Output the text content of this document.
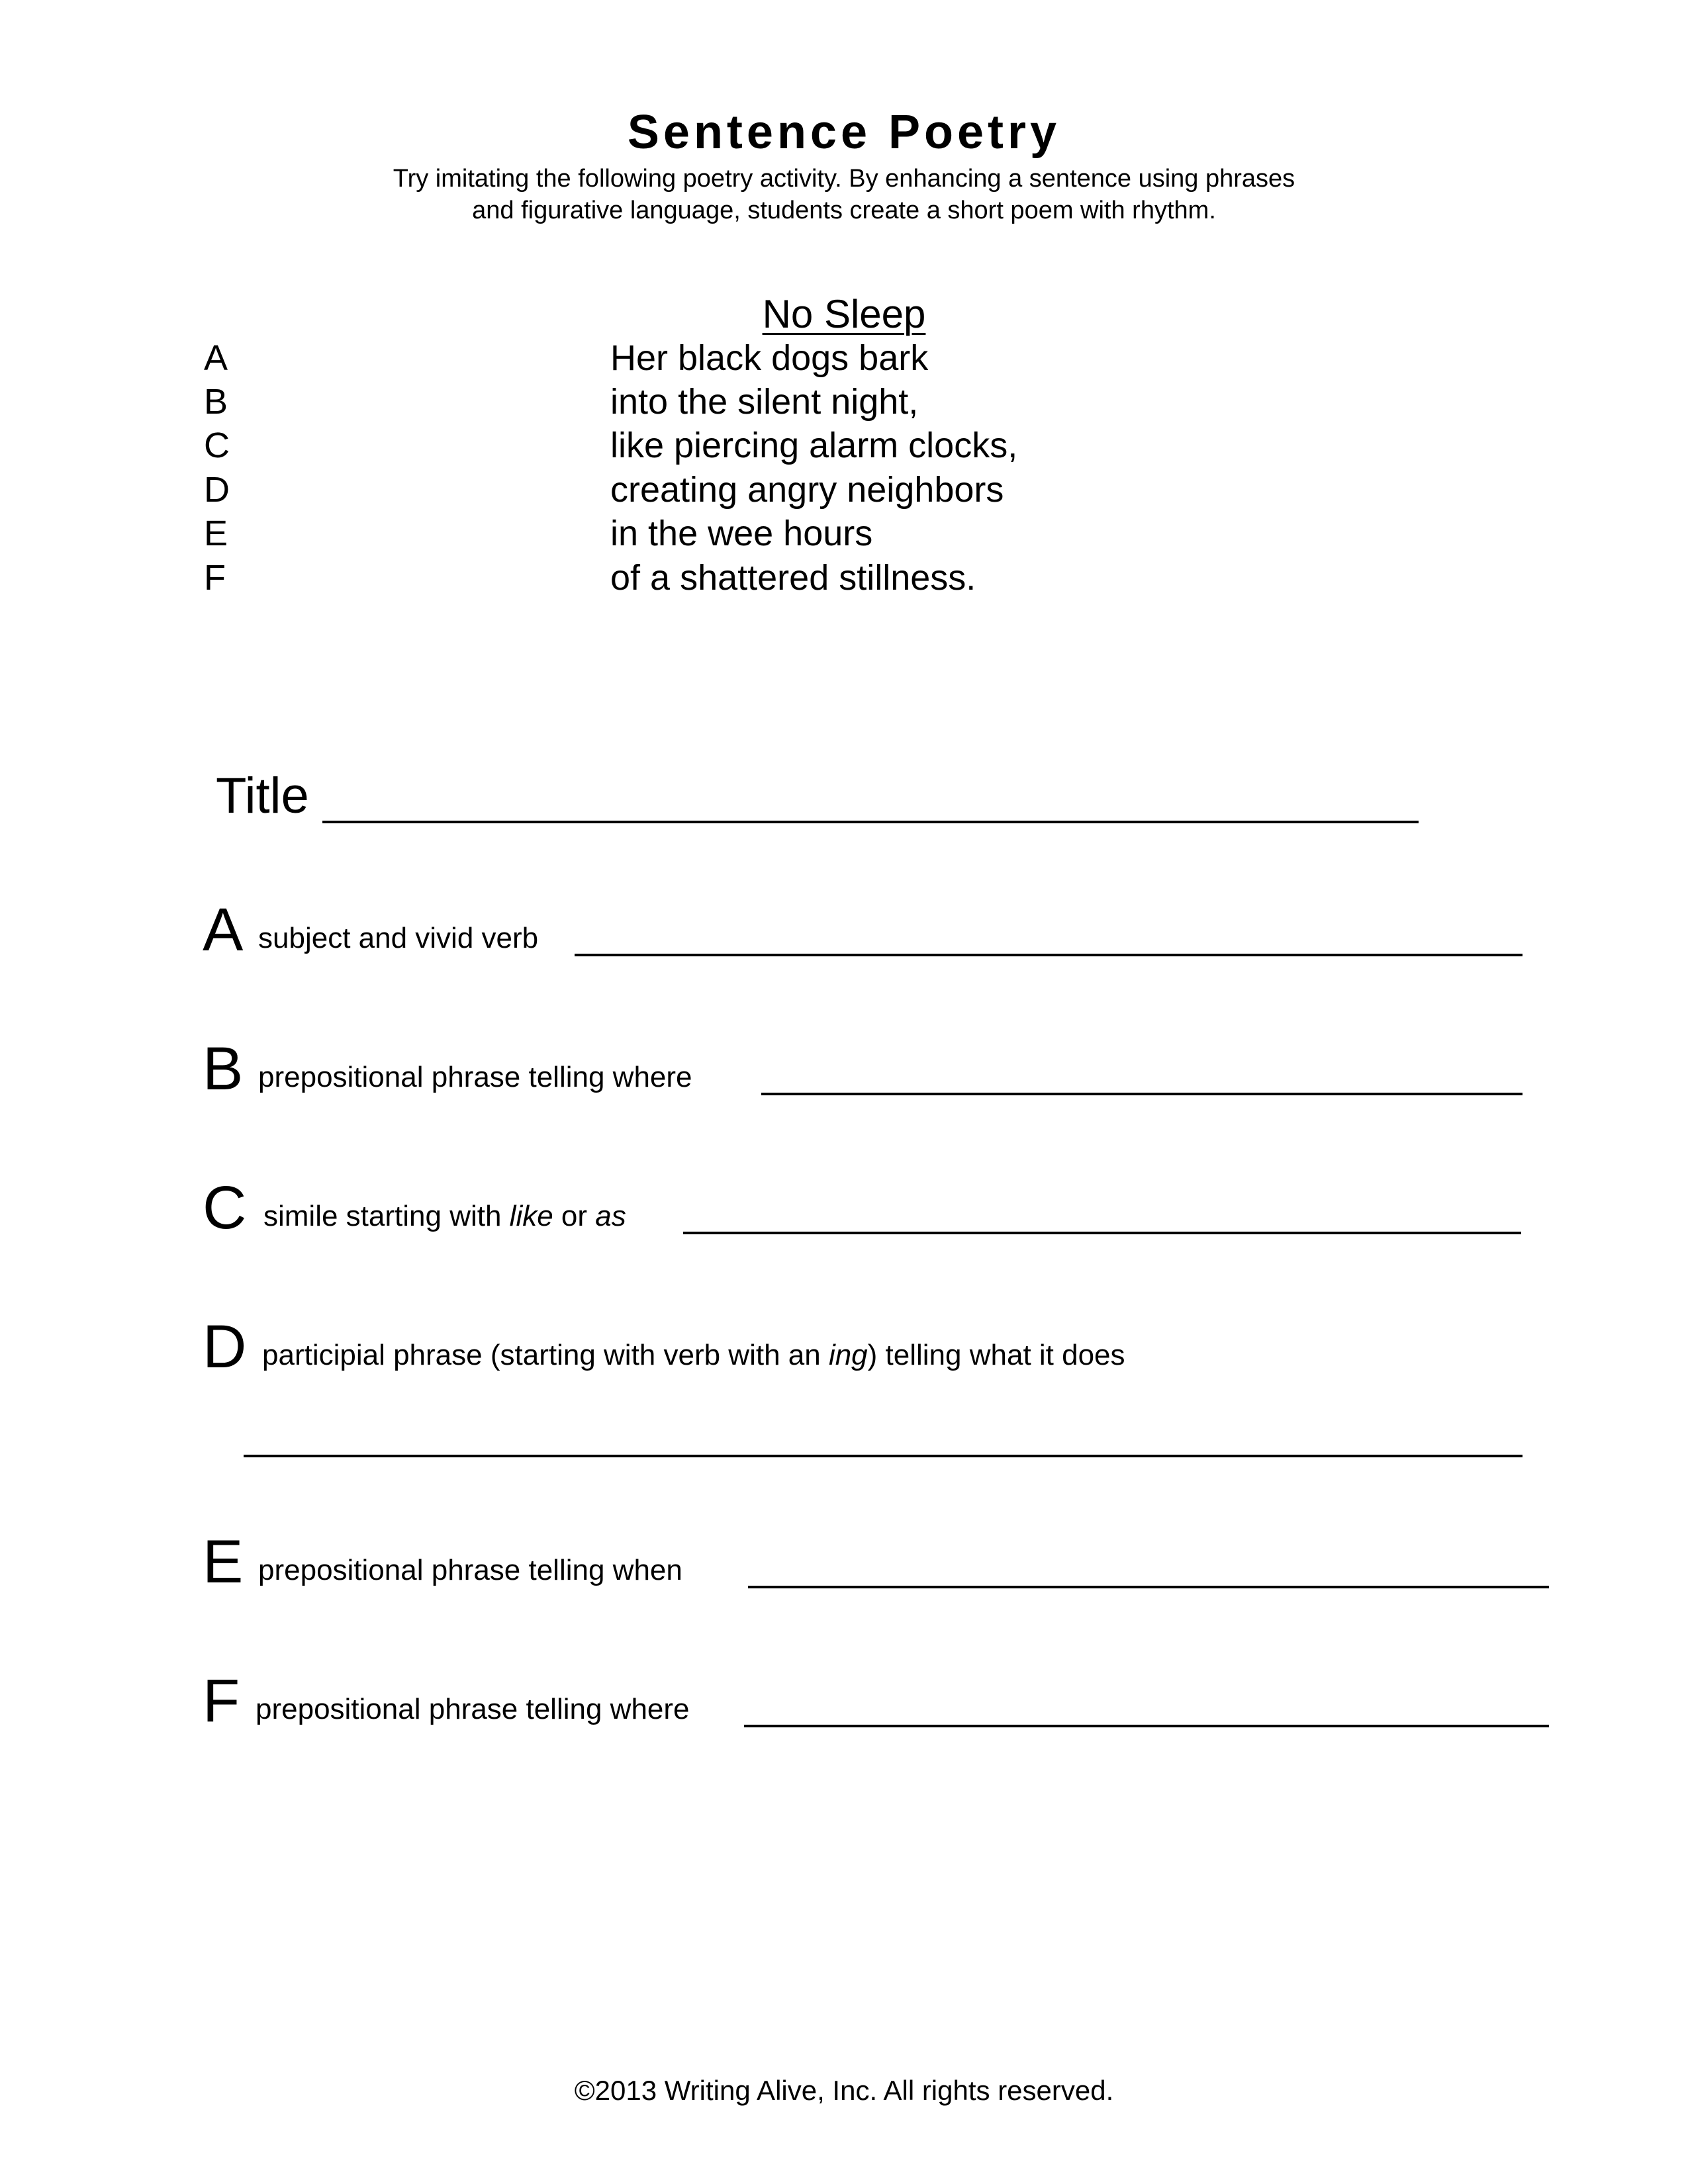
Sentence Poetry
Try imitating the following poetry activity. By enhancing a sentence using phrases
and figurative language, students create a short poem with rhythm.
No Sleep
A	Her black dogs bark
B	into the silent night,
C	like piercing alarm clocks,
D	creating angry neighbors
E	in the wee hours
F	of a shattered stillness.
Title
A subject and vivid verb
B prepositional phrase telling where
C simile starting with like or as
D participial phrase (starting with verb with an ing) telling what it does
E prepositional phrase telling when
F prepositional phrase telling where
©2013 Writing Alive, Inc. All rights reserved.
